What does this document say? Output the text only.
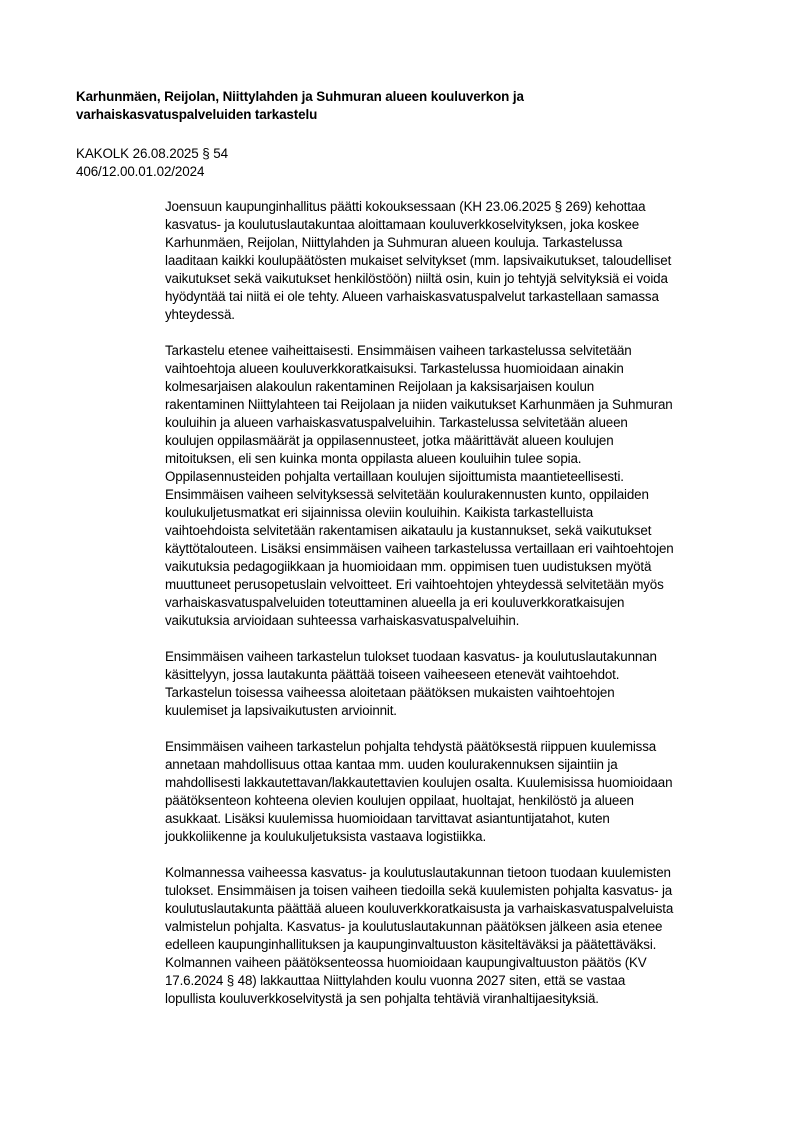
Karhunmäen, Reijolan, Niittylahden ja Suhmuran alueen kouluverkon ja
varhaiskasvatuspalveluiden tarkastelu
KAKOLK 26.08.2025 § 54
406/12.00.01.02/2024

Joensuun kaupunginhallitus päätti kokouksessaan (KH 23.06.2025 § 269) kehottaa
kasvatus- ja koulutuslautakuntaa aloittamaan kouluverkkoselvityksen, joka koskee
Karhunmäen, Reijolan, Niittylahden ja Suhmuran alueen kouluja. Tarkastelussa
laaditaan kaikki koulupäätösten mukaiset selvitykset (mm. lapsivaikutukset, taloudelliset
vaikutukset sekä vaikutukset henkilöstöön) niiltä osin, kuin jo tehtyjä selvityksiä ei voida
hyödyntää tai niitä ei ole tehty. Alueen varhaiskasvatuspalvelut tarkastellaan samassa
yhteydessä.

Tarkastelu etenee vaiheittaisesti. Ensimmäisen vaiheen tarkastelussa selvitetään
vaihtoehtoja alueen kouluverkkoratkaisuksi. Tarkastelussa huomioidaan ainakin
kolmesarjaisen alakoulun rakentaminen Reijolaan ja kaksisarjaisen koulun
rakentaminen Niittylahteen tai Reijolaan ja niiden vaikutukset Karhunmäen ja Suhmuran
kouluihin ja alueen varhaiskasvatuspalveluihin. Tarkastelussa selvitetään alueen
koulujen oppilasmäärät ja oppilasennusteet, jotka määrittävät alueen koulujen
mitoituksen, eli sen kuinka monta oppilasta alueen kouluihin tulee sopia.
Oppilasennusteiden pohjalta vertaillaan koulujen sijoittumista maantieteellisesti.
Ensimmäisen vaiheen selvityksessä selvitetään koulurakennusten kunto, oppilaiden
koulukuljetusmatkat eri sijainnissa oleviin kouluihin. Kaikista tarkastelluista
vaihtoehdoista selvitetään rakentamisen aikataulu ja kustannukset, sekä vaikutukset
käyttötalouteen. Lisäksi ensimmäisen vaiheen tarkastelussa vertaillaan eri vaihtoehtojen
vaikutuksia pedagogiikkaan ja huomioidaan mm. oppimisen tuen uudistuksen myötä
muuttuneet perusopetuslain velvoitteet. Eri vaihtoehtojen yhteydessä selvitetään myös
varhaiskasvatuspalveluiden toteuttaminen alueella ja eri kouluverkkoratkaisujen
vaikutuksia arvioidaan suhteessa varhaiskasvatuspalveluihin.

Ensimmäisen vaiheen tarkastelun tulokset tuodaan kasvatus- ja koulutuslautakunnan
käsittelyyn, jossa lautakunta päättää toiseen vaiheeseen etenevät vaihtoehdot.
Tarkastelun toisessa vaiheessa aloitetaan päätöksen mukaisten vaihtoehtojen
kuulemiset ja lapsivaikutusten arvioinnit.

Ensimmäisen vaiheen tarkastelun pohjalta tehdystä päätöksestä riippuen kuulemissa
annetaan mahdollisuus ottaa kantaa mm. uuden koulurakennuksen sijaintiin ja
mahdollisesti lakkautettavan/lakkautettavien koulujen osalta. Kuulemisissa huomioidaan
päätöksenteon kohteena olevien koulujen oppilaat, huoltajat, henkilöstö ja alueen
asukkaat. Lisäksi kuulemissa huomioidaan tarvittavat asiantuntijatahot, kuten
joukkoliikenne ja koulukuljetuksista vastaava logistiikka.

Kolmannessa vaiheessa kasvatus- ja koulutuslautakunnan tietoon tuodaan kuulemisten
tulokset. Ensimmäisen ja toisen vaiheen tiedoilla sekä kuulemisten pohjalta kasvatus- ja
koulutuslautakunta päättää alueen kouluverkkoratkaisusta ja varhaiskasvatuspalveluista
valmistelun pohjalta. Kasvatus- ja koulutuslautakunnan päätöksen jälkeen asia etenee
edelleen kaupunginhallituksen ja kaupunginvaltuuston käsiteltäväksi ja päätettäväksi.
Kolmannen vaiheen päätöksenteossa huomioidaan kaupungivaltuuston päätös (KV
17.6.2024 § 48) lakkauttaa Niittylahden koulu vuonna 2027 siten, että se vastaa
lopullista kouluverkkoselvitystä ja sen pohjalta tehtäviä viranhaltijaesityksiä.
